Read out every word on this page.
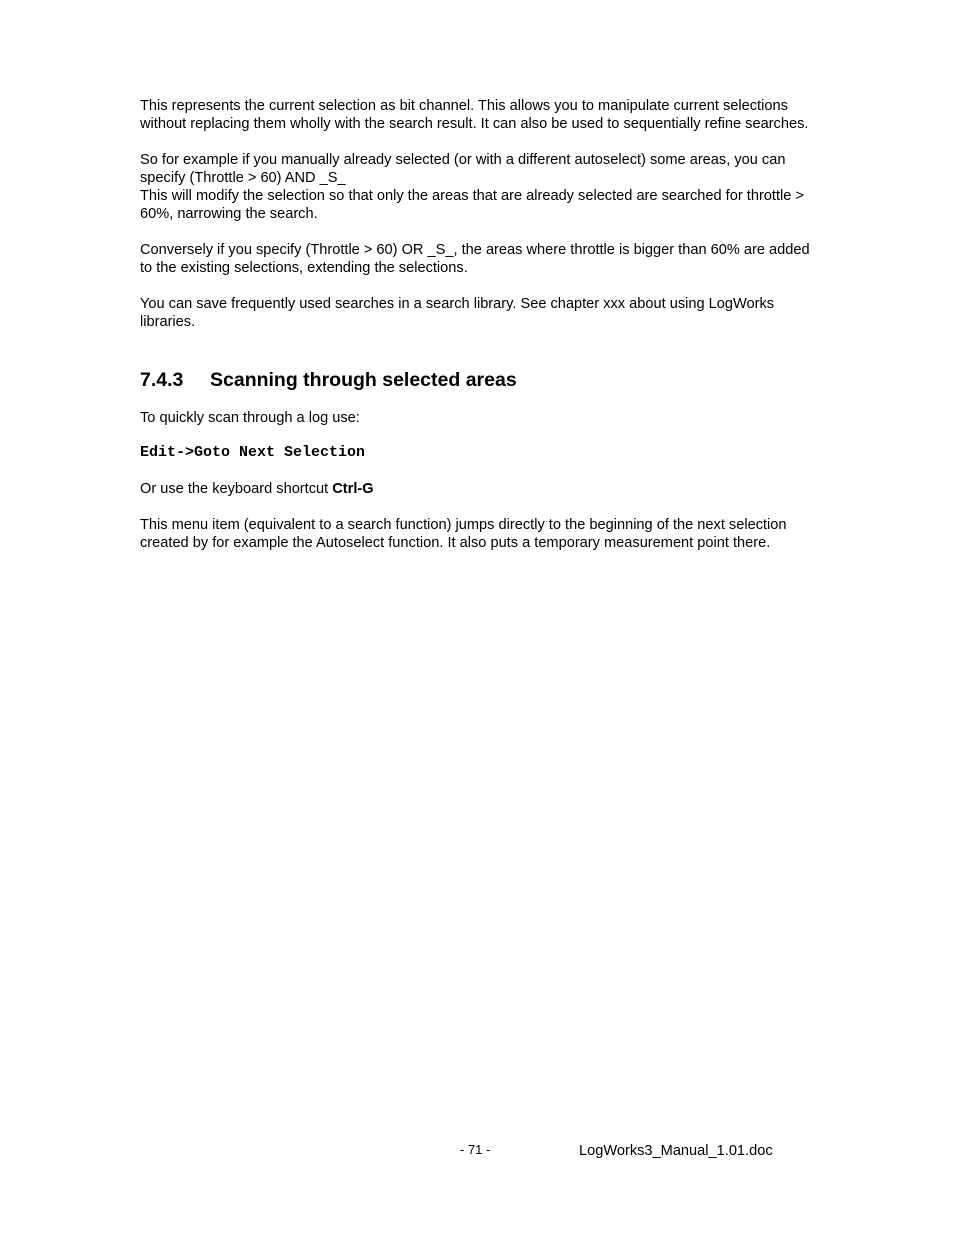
This represents the current selection as bit channel. This allows you to manipulate current selections without replacing them wholly with the search result. It can also be used to sequentially refine searches.

So for example if you manually already selected (or with a different autoselect) some areas, you can specify (Throttle > 60) AND _S_
This will modify the selection so that only the areas that are already selected are searched for throttle > 60%, narrowing the search.

Conversely if you specify (Throttle > 60) OR _S_, the areas where throttle is bigger than 60% are added to the existing selections, extending the selections.

You can save frequently used searches in a search library. See chapter xxx about using LogWorks libraries.

7.4.3	Scanning through selected areas

To quickly scan through a log use:

Edit->Goto Next Selection

Or use the keyboard shortcut Ctrl-G

This menu item (equivalent to a search function) jumps directly to the beginning of the next selection created by for example the Autoselect function. It also puts a temporary measurement point there.

- 71 -	LogWorks3_Manual_1.01.doc
